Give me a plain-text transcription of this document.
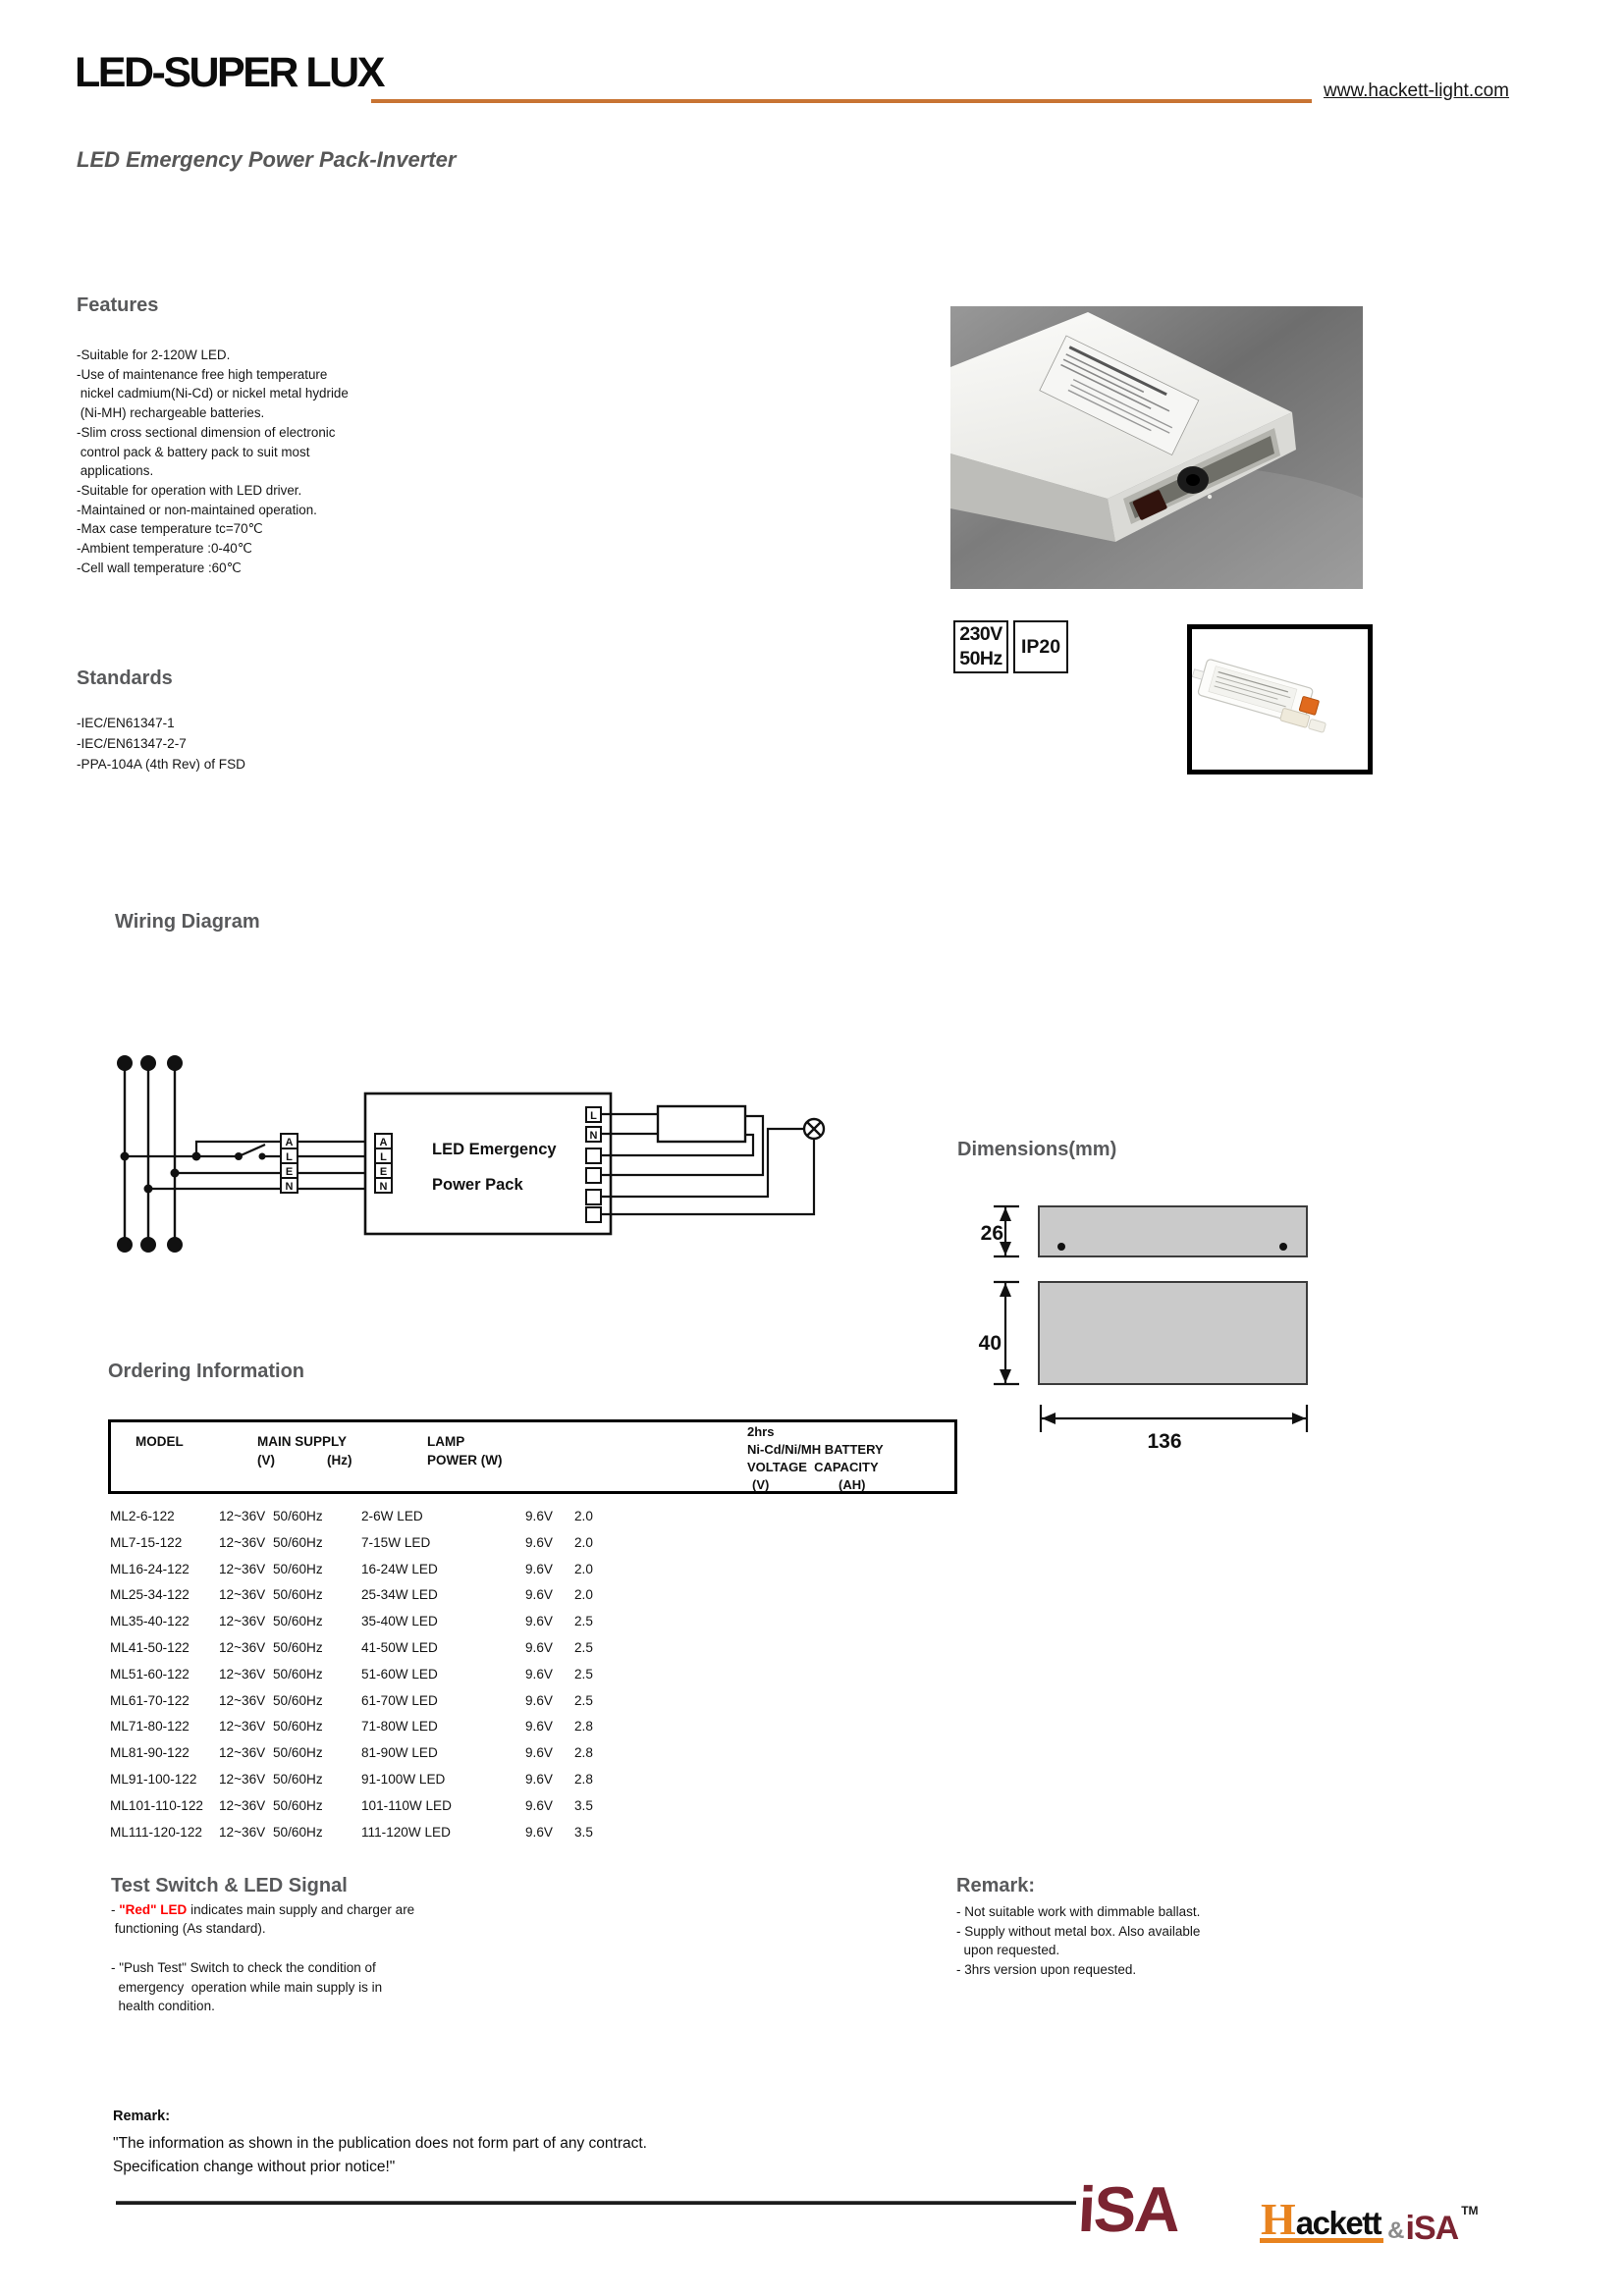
LED-SUPER LUX	www.hackett-light.com
LED Emergency Power Pack-Inverter
Features
-Suitable for 2-120W LED.
-Use of maintenance free high temperature
nickel cadmium(Ni-Cd) or nickel metal hydride
(Ni-MH) rechargeable batteries.
-Slim cross sectional dimension of electronic
control pack & battery pack to suit most
applications.
-Suitable for operation with LED driver.
-Maintained or non-maintained operation.
-Max case temperature tc=70℃
-Ambient temperature :0-40℃
-Cell wall temperature :60℃
230V
50Hz
IP20
Standards
-IEC/EN61347-1
-IEC/EN61347-2-7
-PPA-104A (4th Rev) of FSD
Wiring Diagram
LED Emergency
Power Pack
A
L
E
N
A
L
E
N
L
N
Dimensions(mm)
26
40
136
Ordering Information
MODEL	MAIN SUPPLY
(V)	(Hz)
LAMP
POWER (W)
2hrs
Ni-Cd/Ni/MH BATTERY
VOLTAGE  CAPACITY
(V)	(AH)
ML2-6-122	12~36V 50/60Hz	2-6W LED	9.6V 2.0
ML7-15-122	12~36V 50/60Hz	7-15W LED	9.6V 2.0
ML16-24-122 12~36V 50/60Hz	16-24W LED	9.6V 2.0
ML25-34-122 12~36V 50/60Hz	25-34W LED	9.6V 2.0
ML35-40-122 12~36V 50/60Hz	35-40W LED	9.6V 2.5
ML41-50-122 12~36V 50/60Hz	41-50W LED	9.6V 2.5
ML51-60-122 12~36V 50/60Hz	51-60W LED	9.6V 2.5
ML61-70-122 12~36V 50/60Hz	61-70W LED	9.6V 2.5
ML71-80-122 12~36V 50/60Hz	71-80W LED	9.6V 2.8
ML81-90-122 12~36V 50/60Hz	81-90W LED	9.6V 2.8
ML91-100-122 12~36V 50/60Hz	91-100W LED	9.6V 2.8
ML101-110-122 12~36V 50/60Hz	101-110W LED	9.6V 3.5
ML111-120-122 12~36V 50/60Hz	111-120W LED	9.6V 3.5
Test Switch & LED Signal
- "Red" LED indicates main supply and charger are
functioning (As standard).
- "Push Test" Switch to check the condition of
emergency  operation while main supply is in
health condition.
Remark:
- Not suitable work with dimmable ballast.
- Supply without metal box. Also available
upon requested.
- 3hrs version upon requested.
Remark:
"The information as shown in the publication does not form part of any contract.
Specification change without prior notice!"
iSA H ackett & iSA TM
